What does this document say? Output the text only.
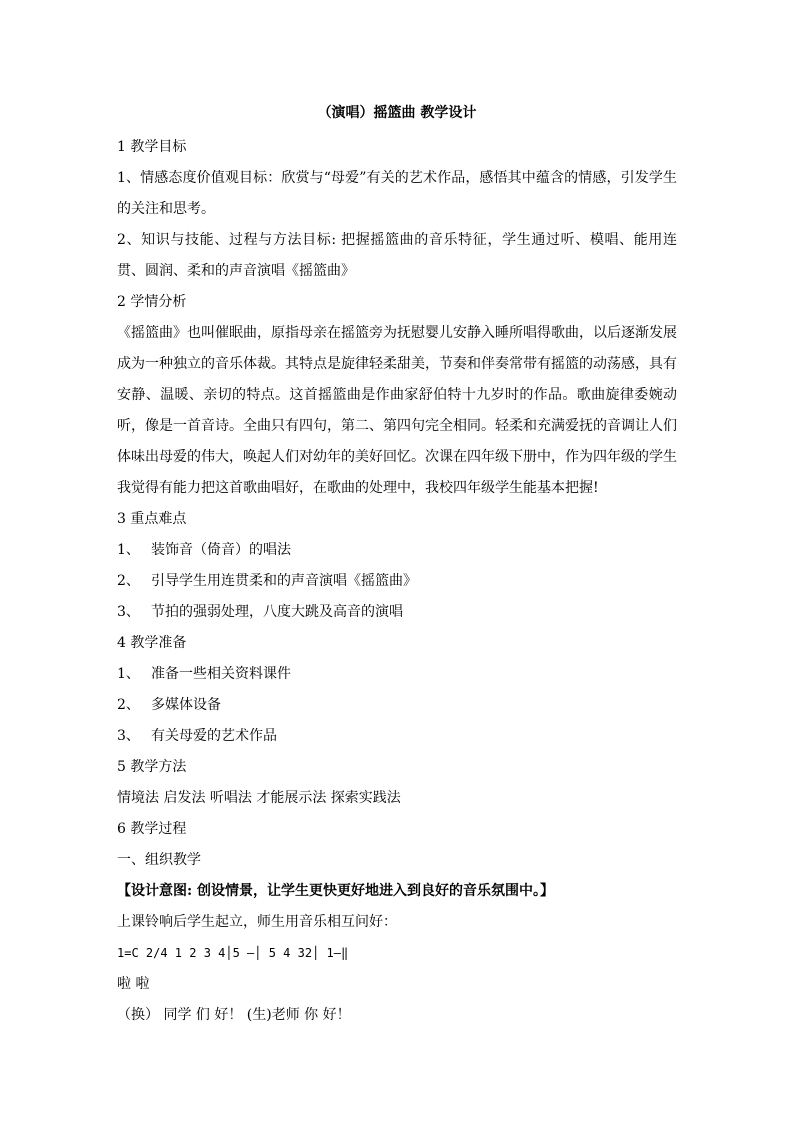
（演唱）摇篮曲 教学设计
1 教学目标
1、情感态度价值观目标：欣赏与“母爱”有关的艺术作品，感悟其中蕴含的情感，引发学生的关注和思考。
2、知识与技能、过程与方法目标: 把握摇篮曲的音乐特征，学生通过听、模唱、能用连贯、圆润、柔和的声音演唱《摇篮曲》
2 学情分析
《摇篮曲》也叫催眠曲，原指母亲在摇篮旁为抚慰婴儿安静入睡所唱得歌曲，以后逐渐发展成为一种独立的音乐体裁。其特点是旋律轻柔甜美，节奏和伴奏常带有摇篮的动荡感，具有安静、温暖、亲切的特点。这首摇篮曲是作曲家舒伯特十九岁时的作品。歌曲旋律委婉动听，像是一首音诗。全曲只有四句，第二、第四句完全相同。轻柔和充满爱抚的音调让人们体味出母爱的伟大，唤起人们对幼年的美好回忆。次课在四年级下册中，作为四年级的学生我觉得有能力把这首歌曲唱好，在歌曲的处理中，我校四年级学生能基本把握!
3 重点难点
1、 装饰音（倚音）的唱法
2、 引导学生用连贯柔和的声音演唱《摇篮曲》
3、 节拍的强弱处理，八度大跳及高音的演唱
4 教学准备
1、 准备一些相关资料课件
2、 多媒体设备
3、 有关母爱的艺术作品
5 教学方法
情境法 启发法 听唱法 才能展示法 探索实践法
6 教学过程
一、组织教学
【设计意图: 创设情景，让学生更快更好地进入到良好的音乐氛围中。】
上课铃响后学生起立，师生用音乐相互问好：
1=C 2/4 1 2 3 4│5 —│ 5 4 32│ 1—‖
啦 啦
（换） 同学 们 好！ (生)老师 你 好！
